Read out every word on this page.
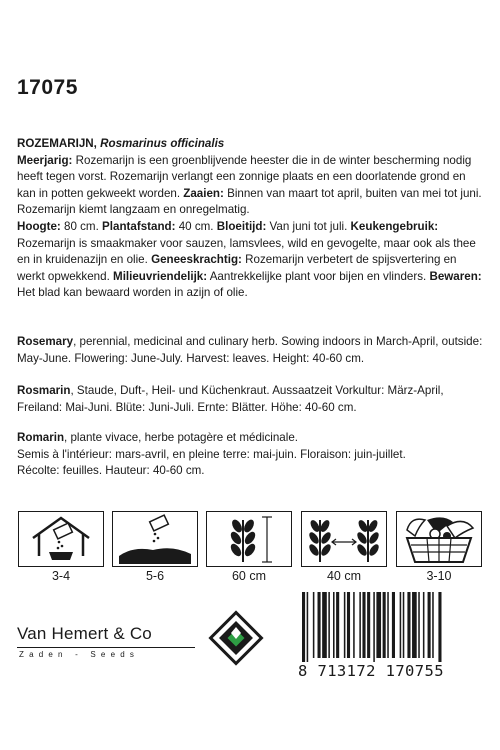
17075
ROZEMARIJN, Rosmarinus officinalis
Meerjarig: Rozemarijn is een groenblijvende heester die in de winter bescherming nodig heeft tegen vorst. Rozemarijn verlangt een zonnige plaats en een doorlatende grond en kan in potten gekweekt worden. Zaaien: Binnen van maart tot april, buiten van mei tot juni. Rozemarijn kiemt langzaam en onregelmatig.
Hoogte: 80 cm. Plantafstand: 40 cm. Bloeitijd: Van juni tot juli. Keukengebruik: Rozemarijn is smaakmaker voor sauzen, lamsvlees, wild en gevogelte, maar ook als thee en in kruidenazijn en olie. Geneeskrachtig: Rozemarijn verbetert de spijsvertering en werkt opwekkend. Milieuvriendelijk: Aantrekkelijke plant voor bijen en vlinders. Bewaren: Het blad kan bewaard worden in azijn of olie.
Rosemary, perennial, medicinal and culinary herb. Sowing indoors in March-April, outside: May-June. Flowering: June-July. Harvest: leaves. Height: 40-60 cm.
Rosmarin, Staude, Duft-, Heil- und Küchenkraut. Aussaatzeit Vorkultur: März-April, Freiland: Mai-Juni. Blüte: Juni-Juli. Ernte: Blätter. Höhe: 40-60 cm.
Romarin, plante vivace, herbe potagère et médicinale.
Semis à l'intérieur: mars-avril, en pleine terre: mai-juin. Floraison: juin-juillet.
Récolte: feuilles. Hauteur: 40-60 cm.
3-4	5-6	60 cm	40 cm	3-10
Van Hemert & Co
Zaden - Seeds
8 713172 170755
